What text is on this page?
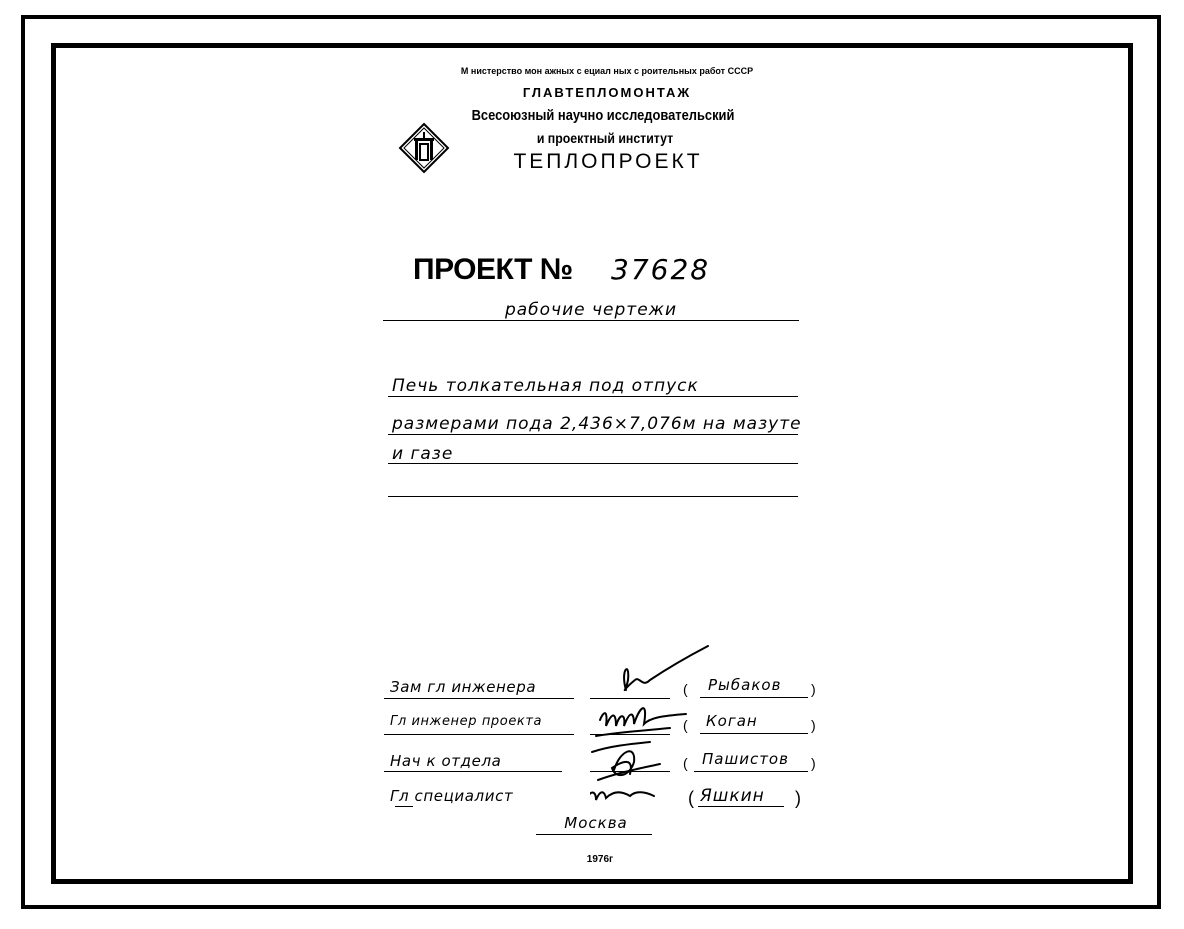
М нистерство мон ажных с ециал ных с роительных работ СССР
ГЛАВТЕПЛОМОНТАЖ
Всесоюзный научно исследовательский
и проектный институт
ТЕПЛОПРОЕКТ
ПРОЕКТ № 37628
рабочие чертежи
Печь толкательная под отпуск
размерами пода 2,436×7,076м на мазуте
и газе
Зам гл инженера	( Рыбаков )
Гл инженер проекта	( Коган	)
Нач к отдела	( Пашистов )
Гл специалист	( Яшкин )
Москва
1976г
